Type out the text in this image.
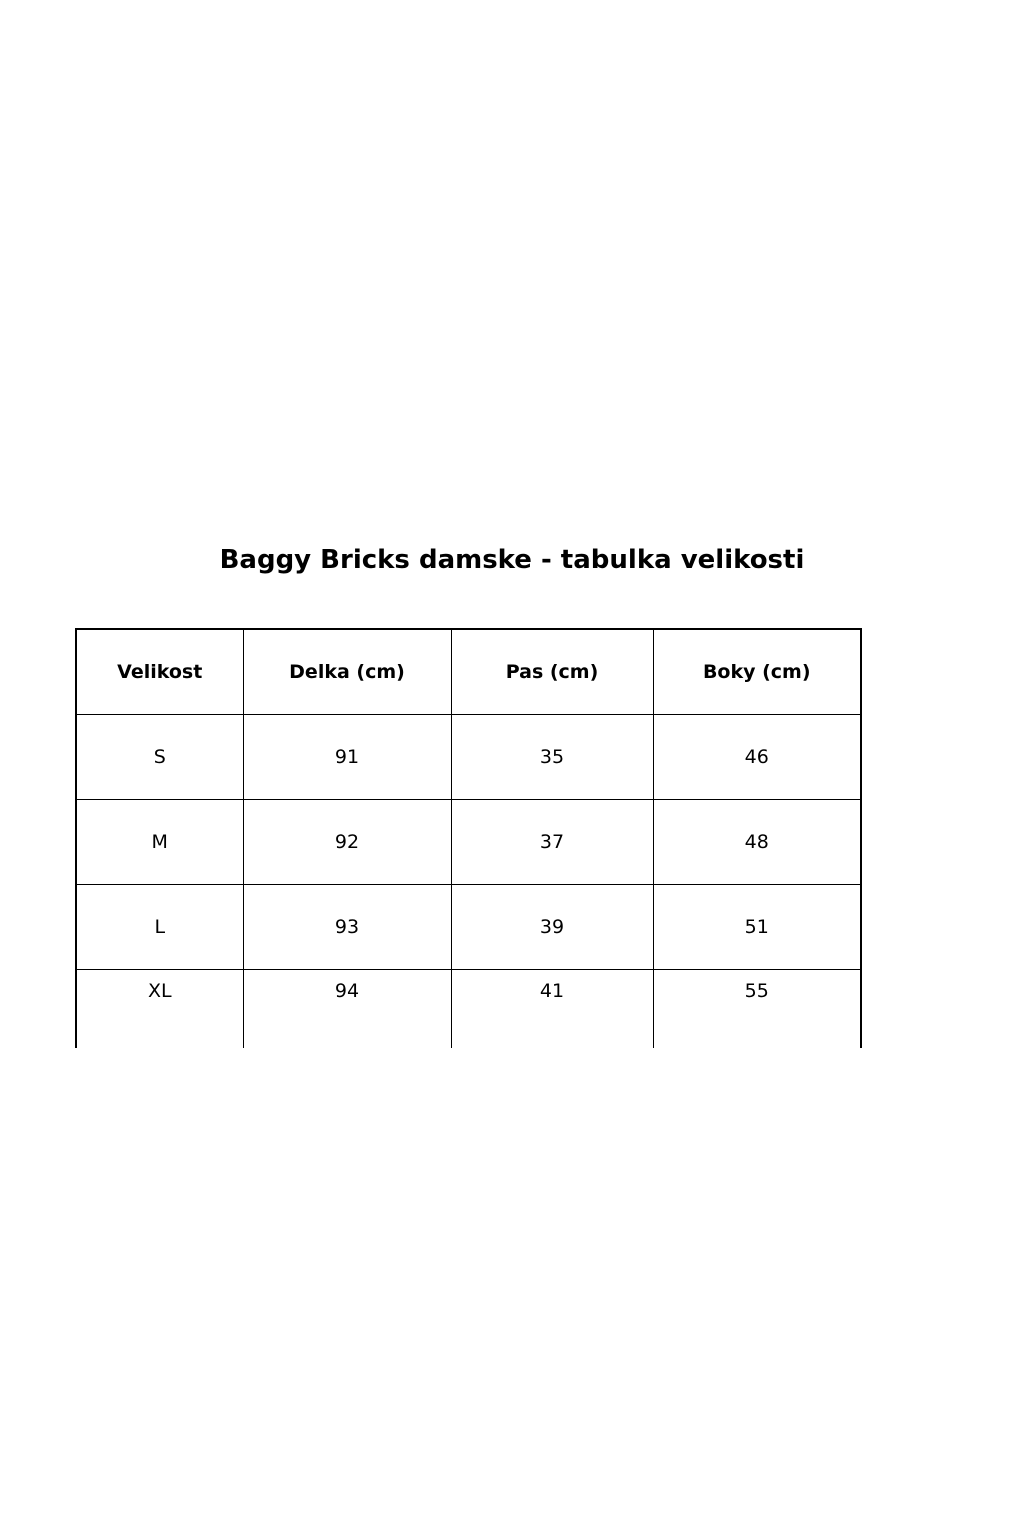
Baggy Bricks damske - tabulka velikosti
Velikost	Delka (cm)	Pas (cm)	Boky (cm)
S	91	35	46
M	92	37	48
L	93	39	51
XL	94	41	55
